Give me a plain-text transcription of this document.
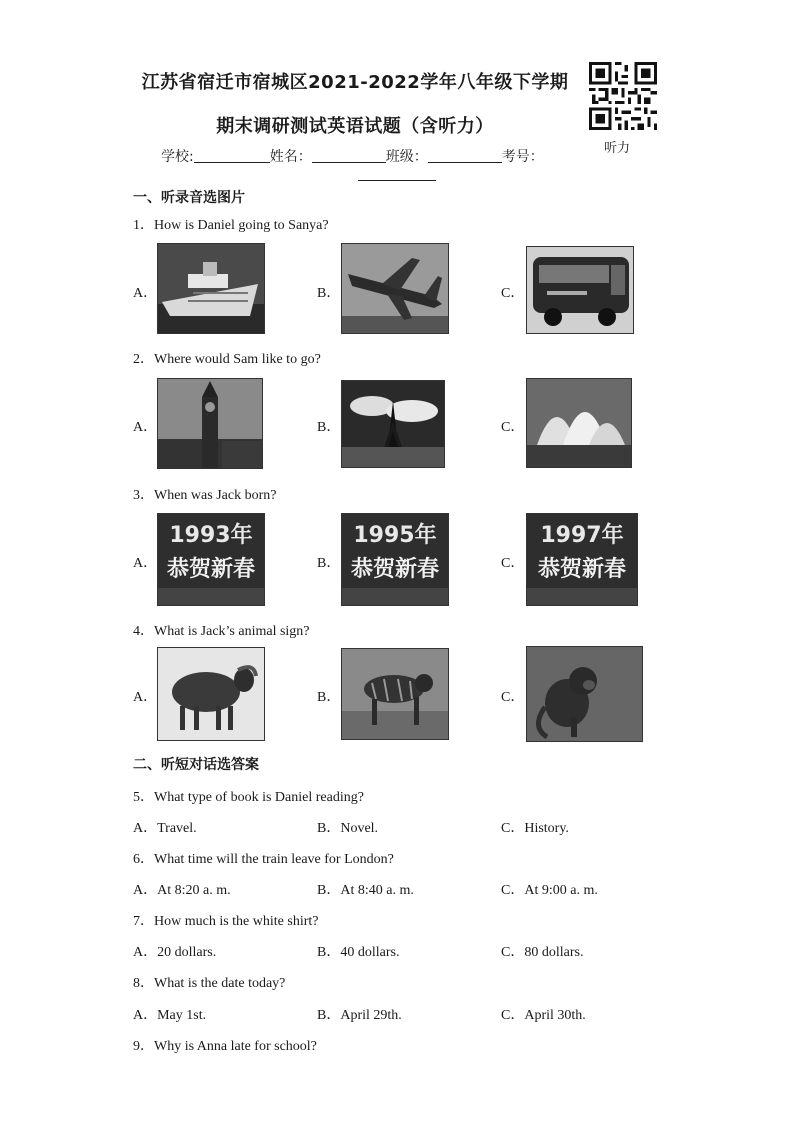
江苏省宿迁市宿城区2021-2022学年八年级下学期
期末调研测试英语试题（含听力）
听力
学校:	姓名：	班级：	考号：
一、听录音选图片
1．How is Daniel going to Sanya?
A．	B．	C．
2．Where would Sam like to go?
A．	B．	C．
3．When was Jack born?
A．
1993年
恭贺新春	B．
1995年
恭贺新春	C．
1997年
恭贺新春
4．What is Jack’s animal sign?
A．	B．	C．
二、听短对话选答案
5．What type of book is Daniel reading?
A．Travel.	B．Novel.	C．History.
6．What time will the train leave for London?
A．At 8:20 a. m.	B．At 8:40 a. m.	C．At 9:00 a. m.
7．How much is the white shirt?
A．20 dollars.	B．40 dollars.	C．80 dollars.
8．What is the date today?
A．May 1st.	B．April 29th.	C．April 30th.
9．Why is Anna late for school?
